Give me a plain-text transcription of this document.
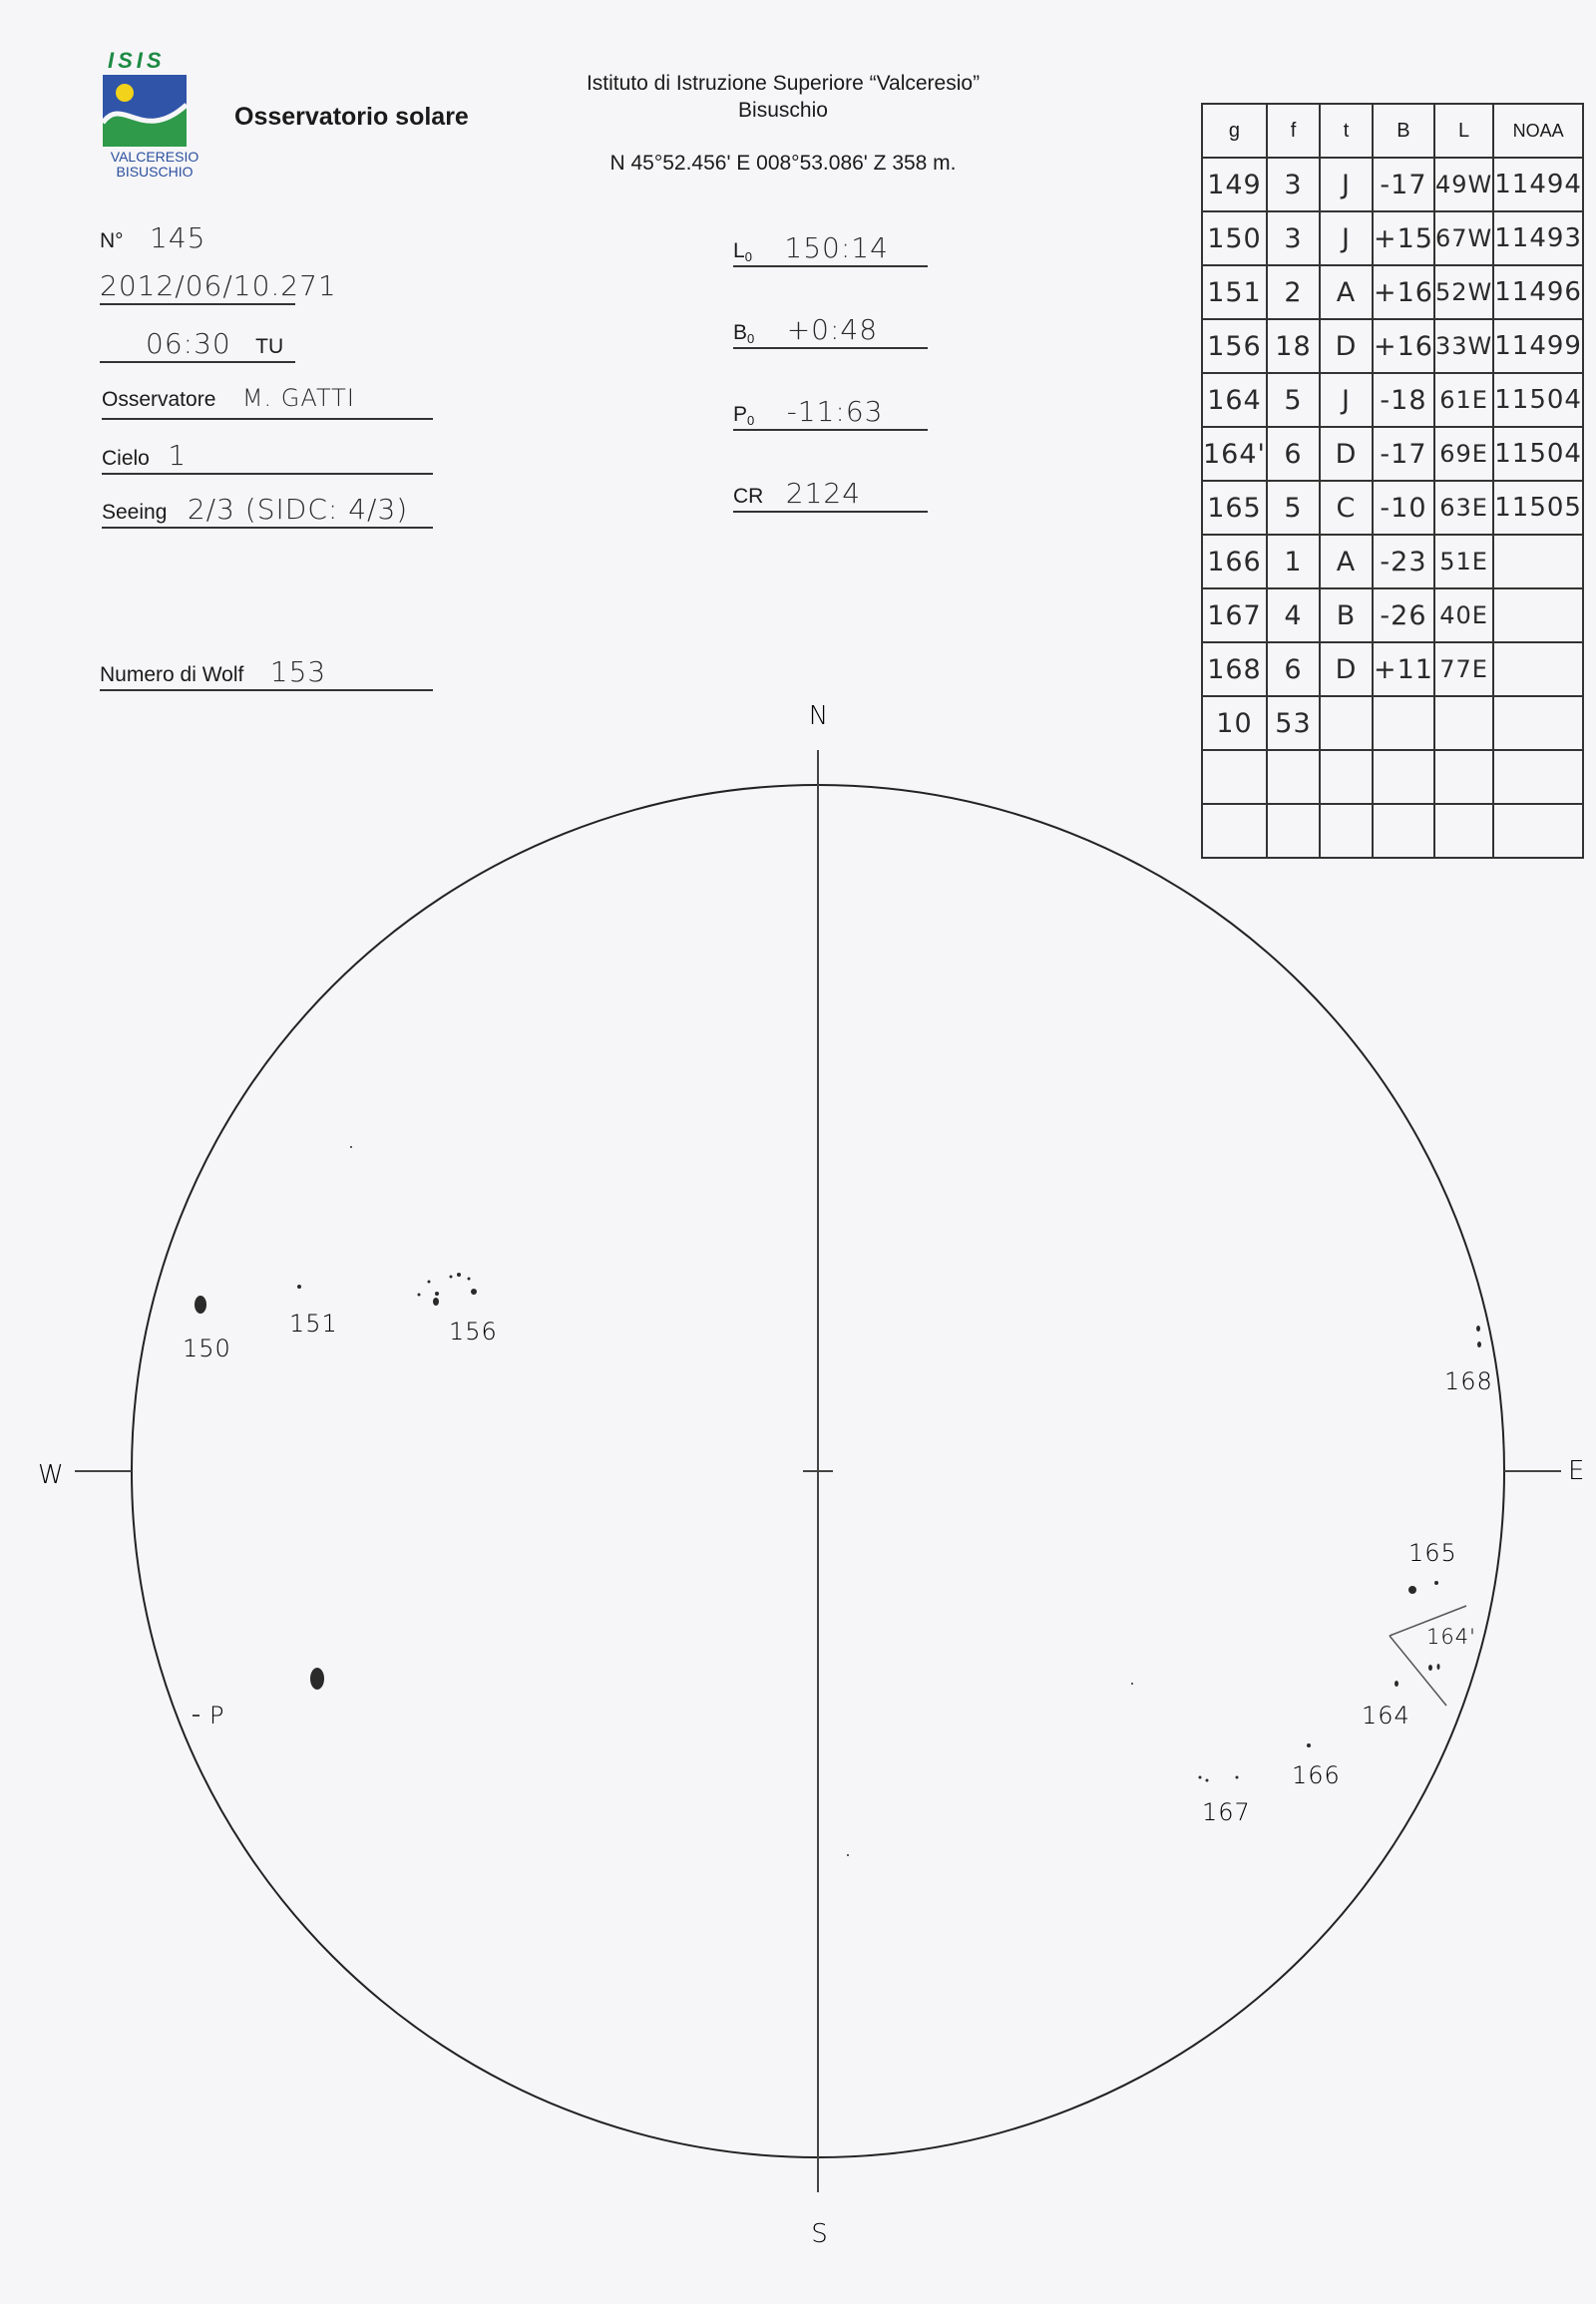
ISIS
VALCERESIO
BISUSCHIO
Osservatorio solare
Istituto di Istruzione Superiore “Valceresio”
Bisuschio
N 45°52.456' E 008°53.086' Z 358 m.
N° 145
2012/06/10.271
06:30 TU
Osservatore M. GATTI
Cielo 1
Seeing 2/3 (SIDC: 4/3)
Numero di Wolf 153
$L_0$ 150:14
$B_0$ +0:48
$P_0$ -11:63
CR 2124
g	f	t	B	L	NOAA
149	3	J	-17	49W	11494
150	3	J	+15	67W	11493
151	2	A	+16	52W	11496
156	18	D	+16	33W	11499
164	5	J	-18	61E	11504
164'	6	D	-17	69E	11504
165	5	C	-10	63E	11505
166	1	A	-23	51E	
167	4	B	-26	40E	
168	6	D	+11	77E	
10	53				

N
S
E
W
P
150
151	156
168
165
164'
164
166
167
